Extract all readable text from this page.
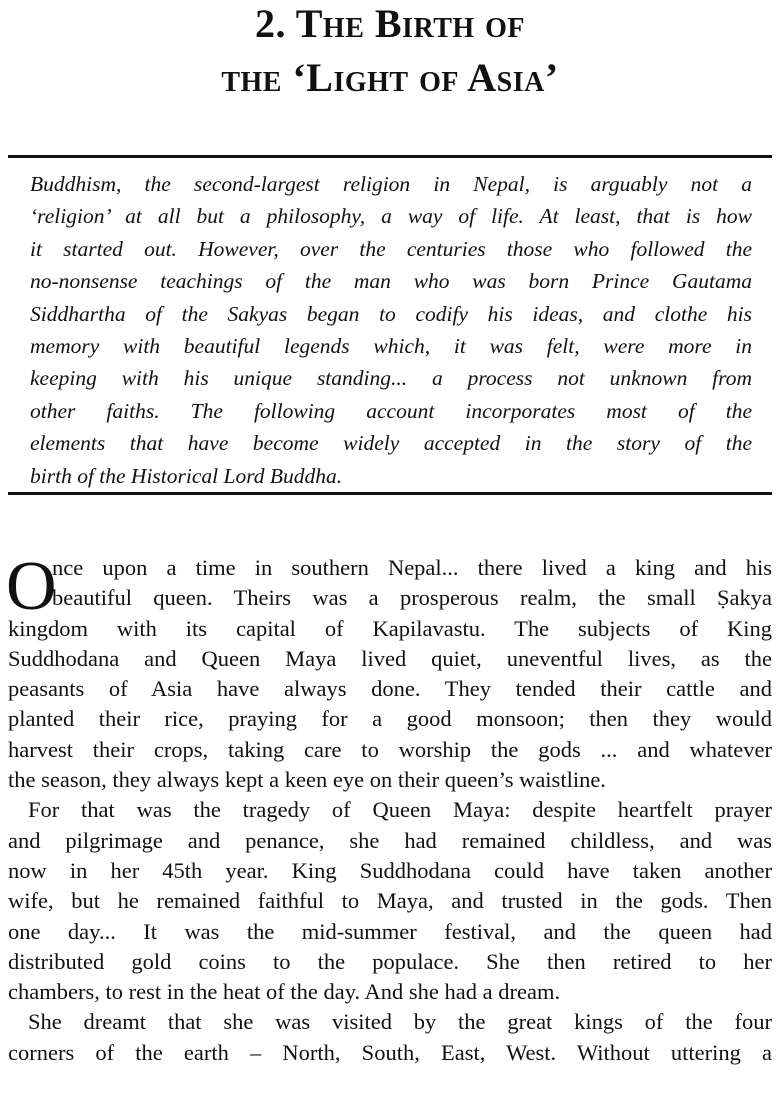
2. The Birth of
the ‘Light of Asia’
Buddhism, the second-largest religion in Nepal, is arguably not a
‘religion’ at all but a philosophy, a way of life. At least, that is how
it started out. However, over the centuries those who followed the
no-nonsense teachings of the man who was born Prince Gautama
Siddhartha of the Sakyas began to codify his ideas, and clothe his
memory with beautiful legends which, it was felt, were more in
keeping with his unique standing... a process not unknown from
other faiths. The following account incorporates most of the
elements that have become widely accepted in the story of the
birth of the Historical Lord Buddha.
O
nce upon a time in southern Nepal... there lived a king and his
beautiful queen. Theirs was a prosperous realm, the small Ṣakya
kingdom with its capital of Kapilavastu. The subjects of King
Suddhodana and Queen Maya lived quiet, uneventful lives, as the
peasants of Asia have always done. They tended their cattle and
planted their rice, praying for a good monsoon; then they would
harvest their crops, taking care to worship the gods ... and whatever
the season, they always kept a keen eye on their queen’s waistline.
For that was the tragedy of Queen Maya: despite heartfelt prayer
and pilgrimage and penance, she had remained childless, and was
now in her 45th year. King Suddhodana could have taken another
wife, but he remained faithful to Maya, and trusted in the gods. Then
one day... It was the mid-summer festival, and the queen had
distributed gold coins to the populace. She then retired to her
chambers, to rest in the heat of the day. And she had a dream.
She dreamt that she was visited by the great kings of the four
corners of the earth – North, South, East, West. Without uttering a
